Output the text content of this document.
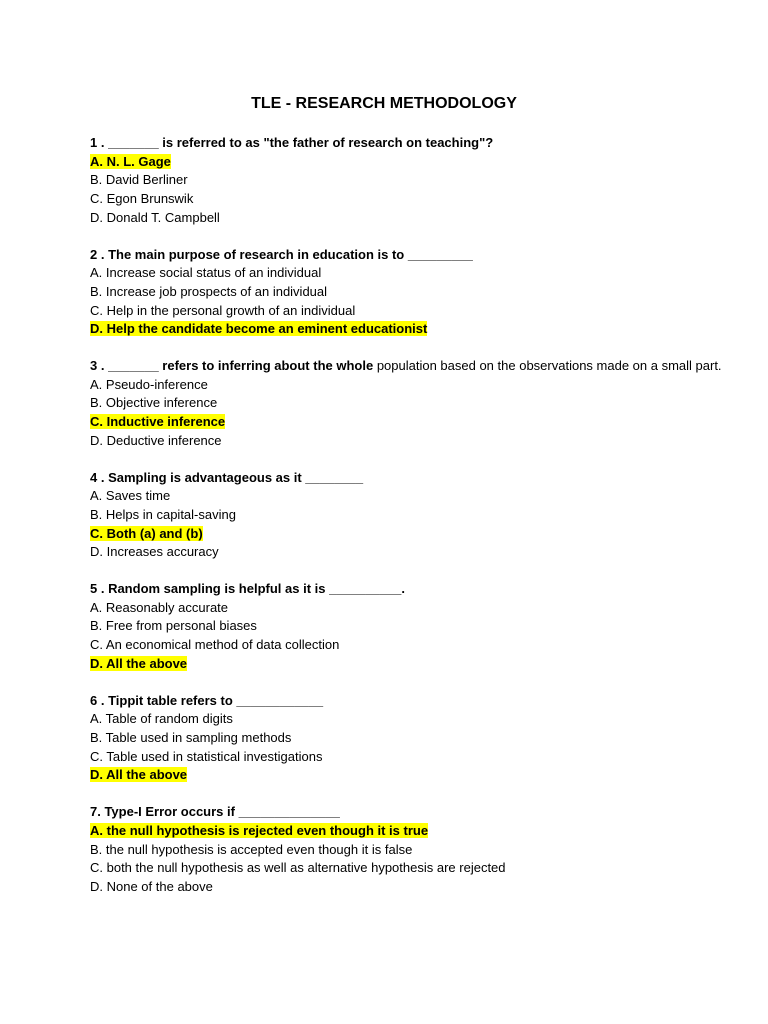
TLE - RESEARCH METHODOLOGY
1 . _______ is referred to as "the father of research on teaching"?
A. N. L. Gage
B. David Berliner
C. Egon Brunswik
D. Donald T. Campbell
2 . The main purpose of research in education is to _________
A. Increase social status of an individual
B. Increase job prospects of an individual
C. Help in the personal growth of an individual
D. Help the candidate become an eminent educationist
3 . _______ refers to inferring about the whole population based on the observations made on a small part.
A. Pseudo-inference
B. Objective inference
C. Inductive inference
D. Deductive inference
4 . Sampling is advantageous as it ________
A. Saves time
B. Helps in capital-saving
C. Both (a) and (b)
D. Increases accuracy
5 . Random sampling is helpful as it is __________.
A. Reasonably accurate
B. Free from personal biases
C. An economical method of data collection
D. All the above
6 . Tippit table refers to ____________
A. Table of random digits
B. Table used in sampling methods
C. Table used in statistical investigations
D. All the above
7. Type-I Error occurs if ______________
A. the null hypothesis is rejected even though it is true
B. the null hypothesis is accepted even though it is false
C. both the null hypothesis as well as alternative hypothesis are rejected
D. None of the above
